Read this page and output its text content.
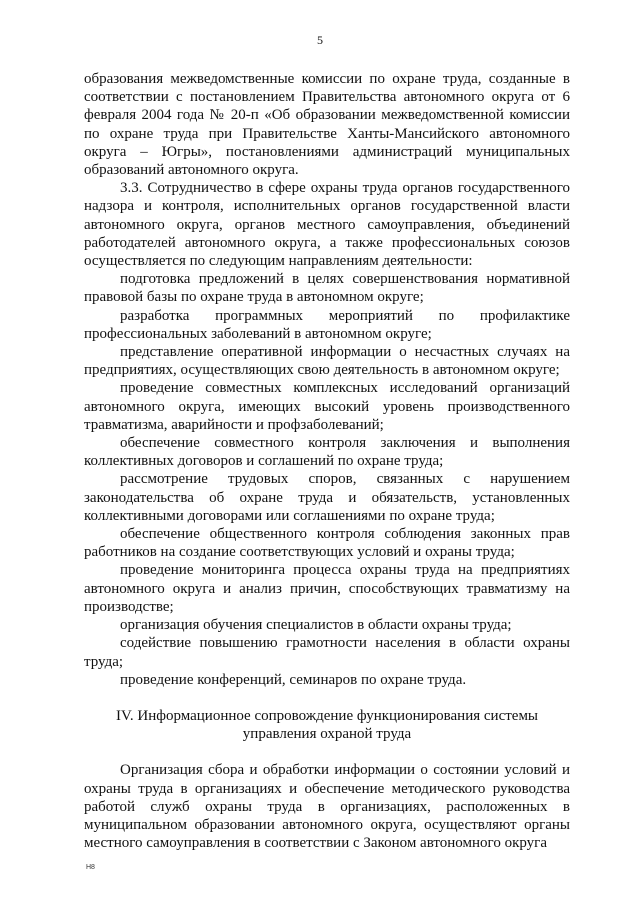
5

образования межведомственные комиссии по охране труда, созданные в соответствии с постановлением Правительства автономного округа от 6 февраля 2004 года № 20-п «Об образовании межведомственной комиссии по охране труда при Правительстве Ханты-Мансийского автономного округа – Югры», постановлениями администраций муниципальных образований автономного округа.

3.3. Сотрудничество в сфере охраны труда органов государственного надзора и контроля, исполнительных органов государственной власти автономного округа, органов местного самоуправления, объединений работодателей автономного округа, а также профессиональных союзов осуществляется по следующим направлениям деятельности:

подготовка предложений в целях совершенствования нормативной правовой базы по охране труда в автономном округе;

разработка программных мероприятий по профилактике профессиональных заболеваний в автономном округе;

представление оперативной информации о несчастных случаях на предприятиях, осуществляющих свою деятельность в автономном округе;

проведение совместных комплексных исследований организаций автономного округа, имеющих высокий уровень производственного травматизма, аварийности и профзаболеваний;

обеспечение совместного контроля заключения и выполнения коллективных договоров и соглашений по охране труда;

рассмотрение трудовых споров, связанных с нарушением законодательства об охране труда и обязательств, установленных коллективными договорами или соглашениями по охране труда;

обеспечение общественного контроля соблюдения законных прав работников на создание соответствующих условий и охраны труда;

проведение мониторинга процесса охраны труда на предприятиях автономного округа и анализ причин, способствующих травматизму на производстве;

организация обучения специалистов в области охраны труда;

содействие повышению грамотности населения в области охраны труда;

проведение конференций, семинаров по охране труда.

IV. Информационное сопровождение функционирования системы
управления охраной труда

Организация сбора и обработки информации о состоянии условий и охраны труда в организациях и обеспечение методического руководства работой служб охраны труда в организациях, расположенных в муниципальном образовании автономного округа, осуществляют органы местного самоуправления в соответствии с Законом автономного округа

H8
